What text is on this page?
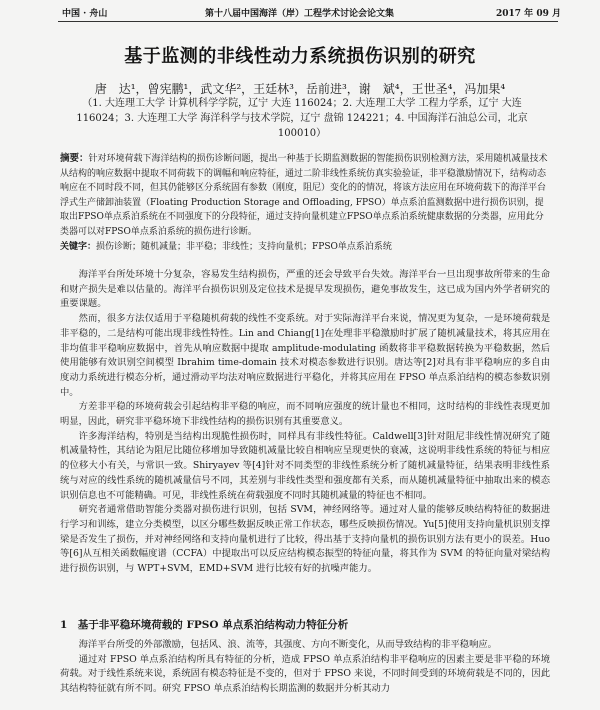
中国 · 舟山	第十八届中国海洋（岸）工程学术讨论会论文集	2017 年 09 月
基于监测的非线性动力系统损伤识别的研究
唐　达¹，曾宪鹏¹，武文华²，王廷林³，岳前进³，谢　斌⁴，王世圣⁴，冯加果⁴
（1. 大连理工大学 计算机科学学院，辽宁 大连 116024；2. 大连理工大学 工程力学系，辽宁 大连 116024；3. 大连理工大学 海洋科学与技术学院，辽宁 盘锦 124221；4. 中国海洋石油总公司，北京 100010）
摘要：针对环境荷载下海洋结构的损伤诊断问题，提出一种基于长期监测数据的智能损伤识别检测方法，采用随机减量技术从结构的响应数据中提取不同荷载下的调幅和响应特征，通过二阶非线性系统仿真实验验证，非平稳激励情况下，结构动态响应在不同时段不同，但其仍能够区分系统固有参数（刚度，阻尼）变化的的情况，将该方法应用在环境荷载下的海洋平台浮式生产储卸油装置（Floating Production Storage and Offloading, FPSO）单点系泊监测数据中进行损伤识别，提取出FPSO单点系泊系统在不同强度下的分段特征，通过支持向量机建立FPSO单点系泊系统健康数据的分类器，应用此分类器可以对FPSO单点系泊系统的损伤进行诊断。
关键字：损伤诊断；随机减量；非平稳；非线性；支持向量机；FPSO单点系泊系统

海洋平台所处环境十分复杂，容易发生结构损伤，严重的还会导致平台失效。海洋平台一旦出现事故所带来的生命和财产损失是难以估量的。海洋平台损伤识别及定位技术是提早发现损伤，避免事故发生，这已成为国内外学者研究的重要课题。

然而，很多方法仅适用于平稳随机荷载的线性不变系统。对于实际海洋平台来说，情况更为复杂，一是环境荷载是非平稳的，二是结构可能出现非线性特性。Lin and Chiang[1]在处理非平稳激励时扩展了随机减量技术，将其应用在非均值非平稳响应数据中，首先从响应数据中提取 amplitude-modulating 函数将非平稳数据转换为平稳数据，然后使用能够有效识别空间模型 Ibrahim time-domain 技术对模态参数进行识别。唐达等[2]对具有非平稳响应的多自由度动力系统进行模态分析，通过滑动平均法对响应数据进行平稳化，并将其应用在 FPSO 单点系泊结构的模态参数识别中。

方差非平稳的环境荷载会引起结构非平稳的响应，而不同响应强度的统计量也不相同，这时结构的非线性表现更加明显，因此，研究非平稳环境下非线性结构的损伤识别有其重要意义。

许多海洋结构，特别是当结构出现脆性损伤时，同样具有非线性特征。Caldwell[3]针对阻尼非线性情况研究了随机减量特性，其结论为阻尼比随位移增加导致随机减量比较自相响应呈现更快的衰减，这说明非线性系统的特征与相应的位移大小有关，与常识一致。Shiryayev 等[4]针对不同类型的非线性系统分析了随机减量特征，结果表明非线性系统与对应的线性系统的随机减量信号不同，其差别与非线性类型和强度都有关系，而从随机减量特征中抽取出来的模态识别信息也不可能精确。可见，非线性系统在荷载强度不同时其随机减量的特征也不相同。

研究者通常借助智能分类器对损伤进行识别，包括 SVM，神经网络等。通过对人量的能够反映结构特征的数据进行学习和训练，建立分类模型，以区分哪些数据反映正常工作状态，哪些反映损伤情况。Yu[5]使用支持向量机识别支撑梁是否发生了损伤，并对神经网络和支持向量机进行了比较，得出基于支持向量机的损伤识别方法有更小的误差。Huo 等[6]从互相关函数幅度谱（CCFA）中提取出可以反应结构模态振型的特征向量，将其作为 SVM 的特征向量对梁结构进行损伤识别，与 WPT+SVM，EMD+SVM 进行比较有好的抗噪声能力。

1　基于非平稳环境荷载的 FPSO 单点系泊结构动力特征分析

海洋平台所受的外部激励，包括风、浪、流等，其强度、方向不断变化，从而导致结构的非平稳响应。

通过对 FPSO 单点系泊结构所具有特征的分析，造成 FPSO 单点系泊结构非平稳响应的因素主要是非平稳的环境荷载。对于线性系统来说，系统固有模态特征是不变的，但对于 FPSO 来说，不同时间受到的环境荷载是不同的，因此其结构特征就有所不同。研究 FPSO 单点系泊结构长期监测的数据并分析其动力
